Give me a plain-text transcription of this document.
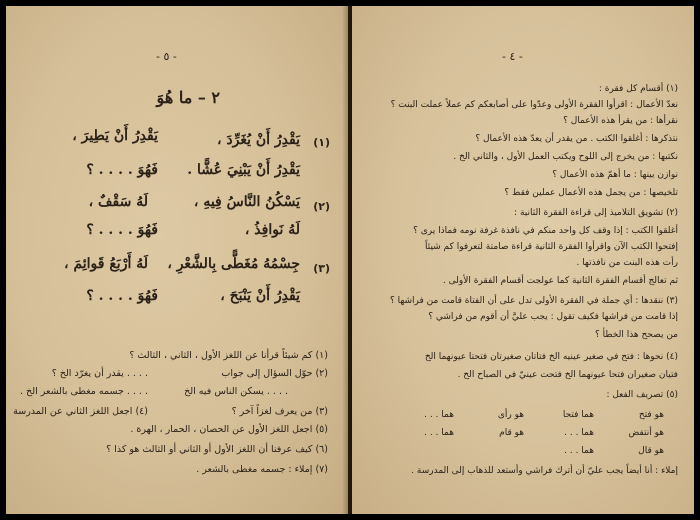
- ٥ -
٢ – ما هُوَ
(١)
يَقْدِرُ أَنْ يَطِيرَ ،	يَقْدِرُ أَنْ يُغَرِّدَ ،
يَقْدِرُ أَنْ يَبْنِيَ عُشًّا .
فَهُوَ . . . . ؟
(٢)
يَسْكُنُ النَّاسُ فِيهِ ،
لَهُ سَقْفٌ ،
لَهُ نَوافِذُ ،
فَهُوَ . . . . ؟
(٣)
جِسْمُهُ مُغَطًّى بِالشَّعْرِ ،
لَهُ أَرْبَعُ قَوائِمَ ،
يَقْدِرُ أَنْ يَنْبَحَ ،
فَهُوَ . . . . ؟
(١) كم شيئاً قرأنا عن اللغز الأول ، الثاني ، الثالث ؟
(٢) حوّل السؤال إلى جواب
. . . . يقدر أن يغرّد الخ ؟
. . . . يسكن الناس فيه الخ
. . . . جسمه مغطى بالشعر الخ .
(٣) من يعرف لغزاً آخر ؟
(٤) اجعل اللغز الثاني عن المدرسة
(٥) اجعل اللغز الأول عن الحصان ، الحمار ، الهرة .
(٦) كيف عرفنا أن اللغز الأول أو الثاني أو الثالث هو كذا ؟
(٧) إملاء : جسمه مغطى بالشعر .
- ٤ -
(١) أقسام كل فقرة :
نعدّ الأعمال : اقرأوا الفقرة الأولى وعدّوا على أصابعكم كم عملاً عملت البنت ؟
نقرأها : من يقرأ هذه الأعمال ؟
نتذكرها : أغلقوا الكتب . من يقدر أن يعدّ هذه الأعمال ؟
نكتبها : من يخرج إلى اللوح ويكتب العمل الأول ، والثاني الخ .
نوازن بينها : ما أهمّ هذه الأعمال ؟
تلخيصها : من يجمل هذه الأعمال عملين فقط ؟
(٢) تشويق التلاميذ إلى قراءة الفقرة الثانية :
أغلقوا الكتب : إذا وقف كل واحد منكم في نافذة غرفة نومه فماذا يرى ؟
إفتحوا الكتب الآن واقرأوا الفقرة الثانية قراءة صامتة لتعرفوا كم شيئاً
رأت هذه البنت من نافذتها .
ثم تعالج أقسام الفقرة الثانية كما عولجت أقسام الفقرة الأولى .
(٣) ننقدها : أي جملة في الفقرة الأولى تدل على أن الفتاة قامت من فراشها ؟
إذا قامت من فراشها فكيف تقول : يجب عليَّ أن أقوم من فراشي ؟
من يصحح هذا الخطأ ؟
(٤) نحوها : فتح في صغير عينيه الخ فتاتان صغيرتان فتحتا عيونهما الخ
فتيان صغيران فتحا عيونهما الخ فتحت عينيّ في الصباح الخ .
(٥) تصريف الفعل :
هو فتح
هما فتحا
هو رأى
هما . . .
هو أنتفض
هما . . .
هو قام
هما . . .
هو قال
هما . . .
إملاء : أنا أيضاً يجب عليّ أن أترك فراشي وأستعد للذهاب إلى المدرسة .
